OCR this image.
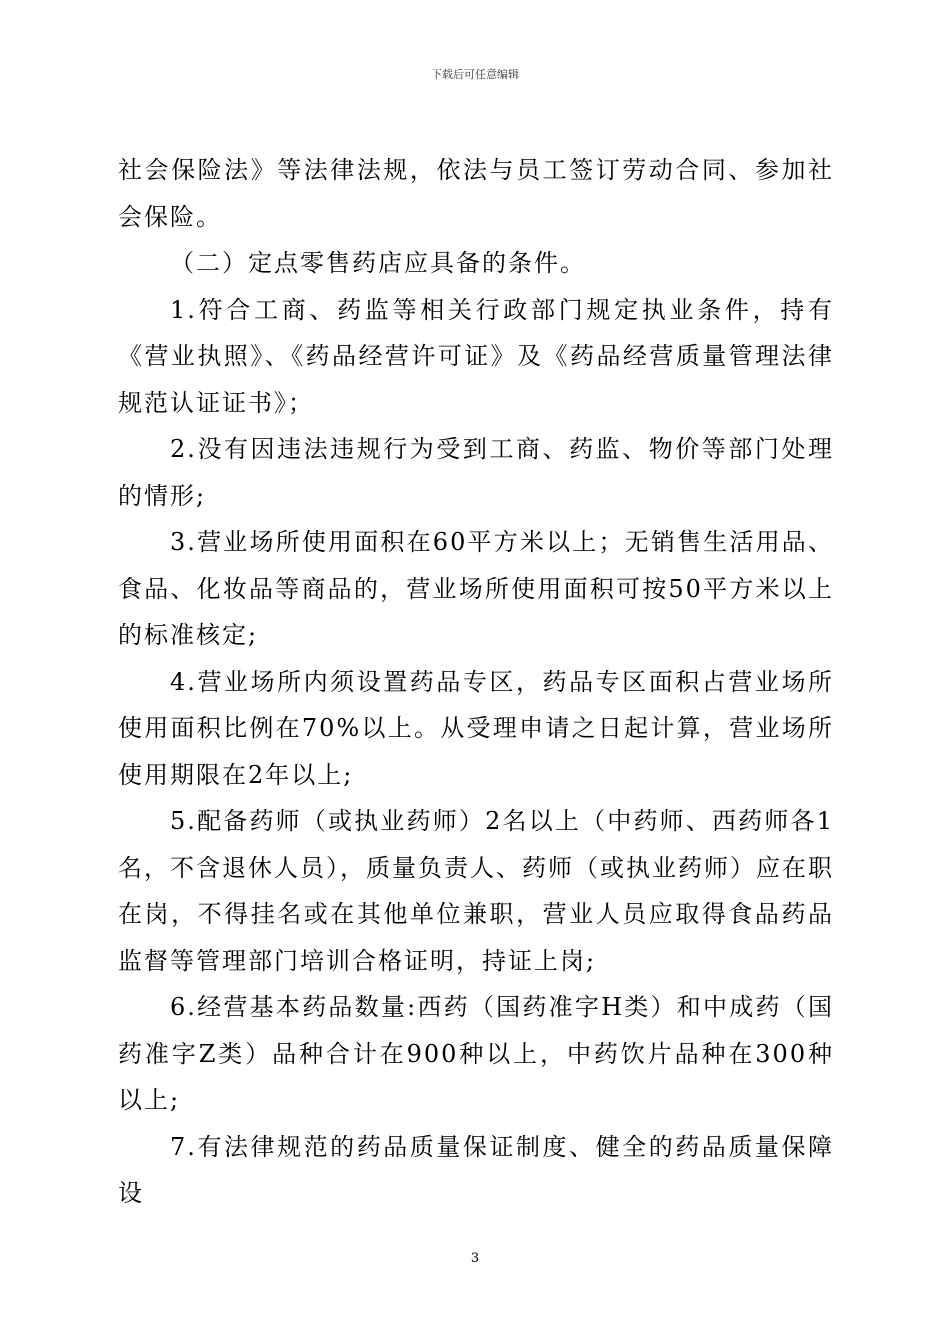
下载后可任意编辑

社会保险法》等法律法规，依法与员工签订劳动合同、参加社会保险。

（二）定点零售药店应具备的条件。

1.符合工商、药监等相关行政部门规定执业条件，持有《营业执照》、《药品经营许可证》及《药品经营质量管理法律规范认证证书》；

2.没有因违法违规行为受到工商、药监、物价等部门处理的情形;

3.营业场所使用面积在60平方米以上；无销售生活用品、食品、化妆品等商品的，营业场所使用面积可按50平方米以上的标准核定;

4.营业场所内须设置药品专区，药品专区面积占营业场所使用面积比例在70%以上。从受理申请之日起计算，营业场所使用期限在2年以上;

5.配备药师（或执业药师）2名以上（中药师、西药师各1名，不含退休人员），质量负责人、药师（或执业药师）应在职在岗，不得挂名或在其他单位兼职，营业人员应取得食品药品监督等管理部门培训合格证明，持证上岗;

6.经营基本药品数量:西药（国药准字H类）和中成药（国药准字Z类）品种合计在900种以上，中药饮片品种在300种以上;

7.有法律规范的药品质量保证制度、健全的药品质量保障设

3
